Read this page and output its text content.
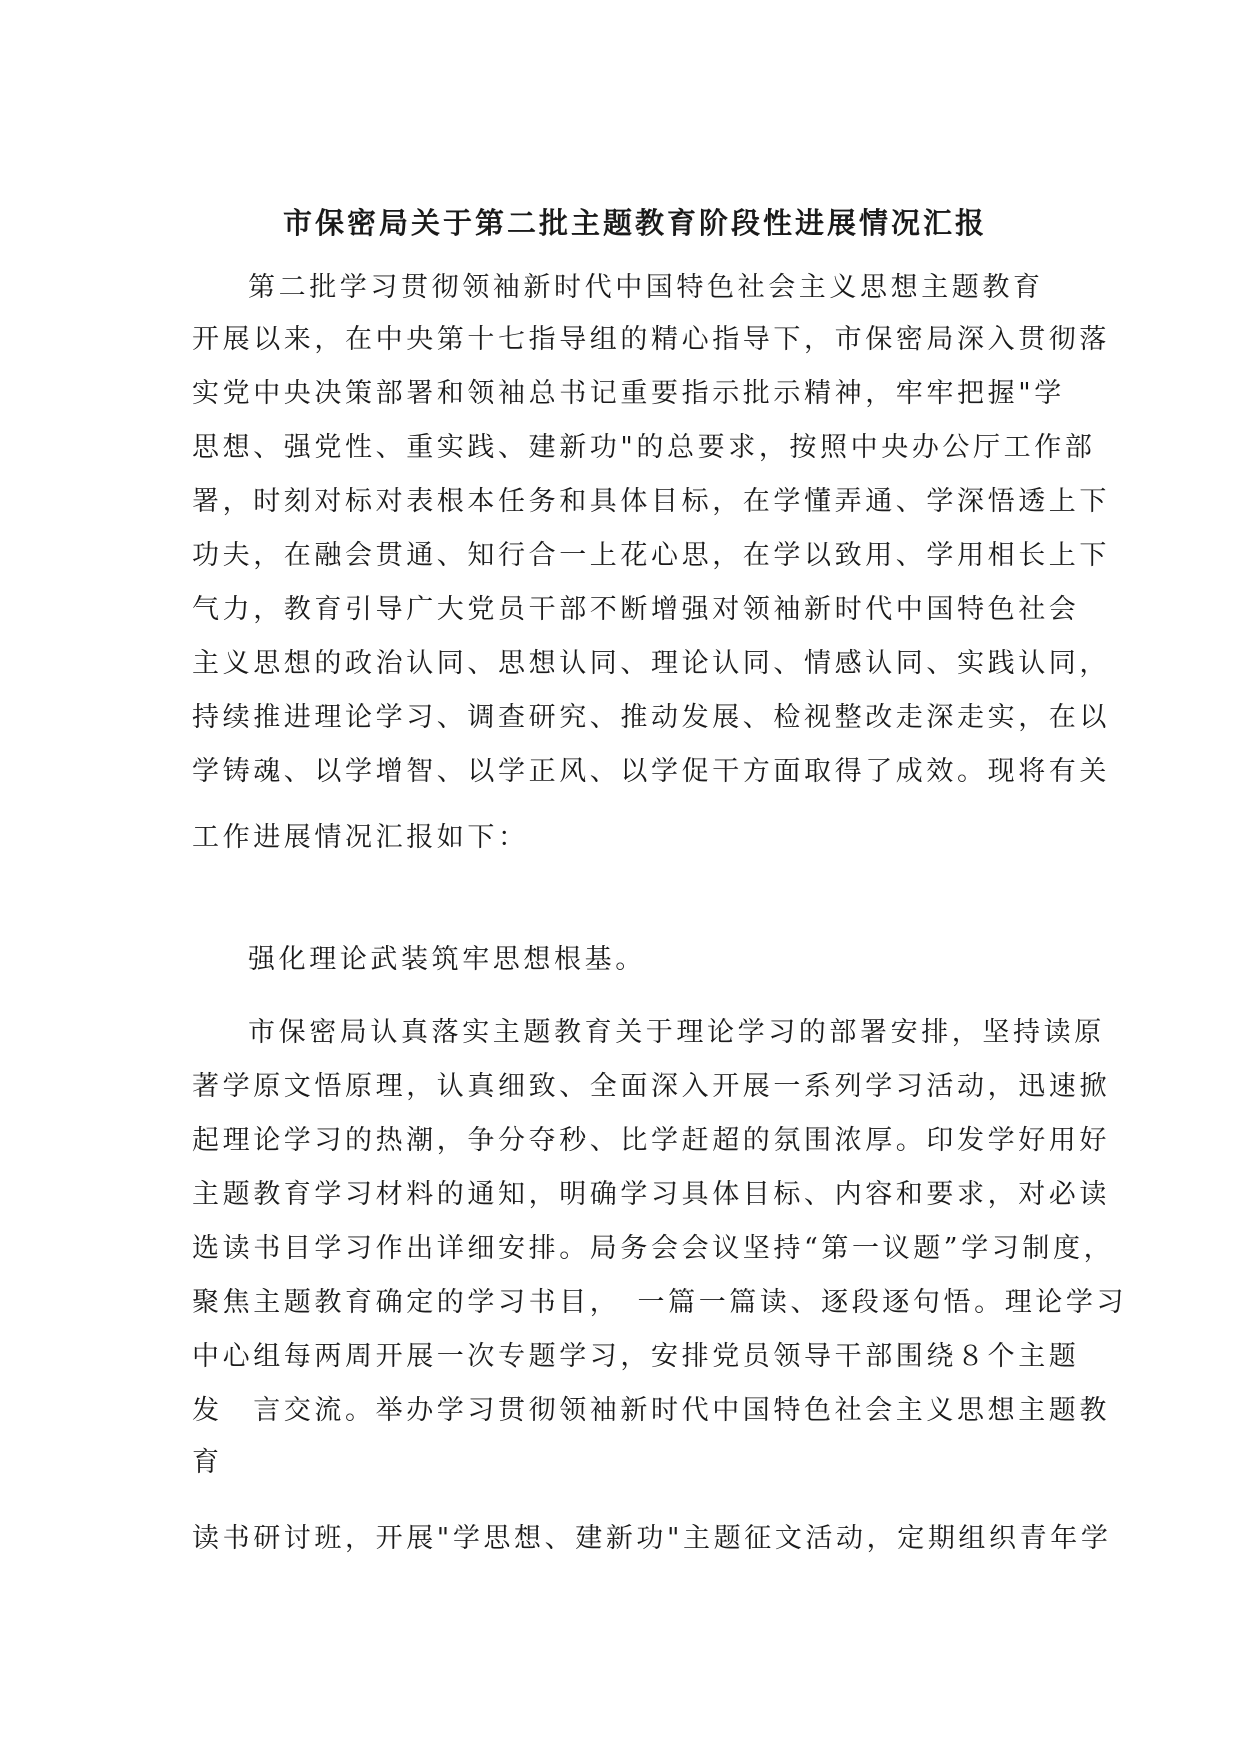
市保密局关于第二批主题教育阶段性进展情况汇报
第二批学习贯彻领袖新时代中国特色社会主义思想主题教育
开展以来，在中央第十七指导组的精心指导下，市保密局深入贯彻落
实党中央决策部署和领袖总书记重要指示批示精神，牢牢把握"学
思想、强党性、重实践、建新功"的总要求，按照中央办公厅工作部
署，时刻对标对表根本任务和具体目标，在学懂弄通、学深悟透上下
功夫，在融会贯通、知行合一上花心思，在学以致用、学用相长上下
气力，教育引导广大党员干部不断增强对领袖新时代中国特色社会
主义思想的政治认同、思想认同、理论认同、情感认同、实践认同，
持续推进理论学习、调查研究、推动发展、检视整改走深走实，在以
学铸魂、以学增智、以学正风、以学促干方面取得了成效。现将有关
工作进展情况汇报如下：
强化理论武装筑牢思想根基。
市保密局认真落实主题教育关于理论学习的部署安排，坚持读原
著学原文悟原理，认真细致、全面深入开展一系列学习活动，迅速掀
起理论学习的热潮，争分夺秒、比学赶超的氛围浓厚。印发学好用好
主题教育学习材料的通知，明确学习具体目标、内容和要求，对必读
选读书目学习作出详细安排。局务会会议坚持“第一议题”学习制度，
聚焦主题教育确定的学习书目，　一篇一篇读、逐段逐句悟。理论学习
中心组每两周开展一次专题学习，安排党员领导干部围绕８个主题
发　言交流。举办学习贯彻领袖新时代中国特色社会主义思想主题教
育
读书研讨班，开展"学思想、建新功"主题征文活动，定期组织青年学
